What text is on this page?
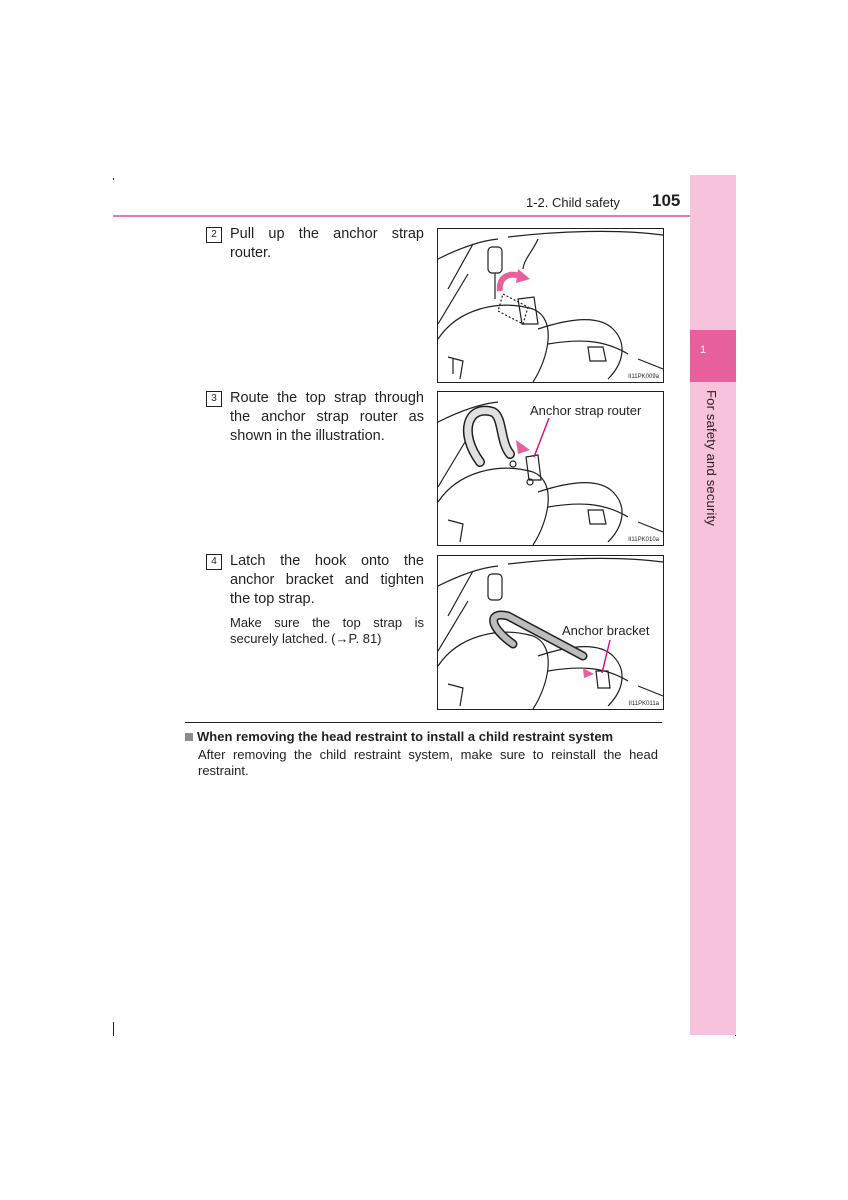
1-2. Child safety 105
1
For safety and security
2 Pull up the anchor strap router.
3 Route the top strap through the anchor strap router as shown in the illustration.
4 Latch the hook onto the anchor bracket and tighten the top strap.
Make sure the top strap is securely latched. (→P. 81)
II11PK009a
Anchor strap router
II11PK010a
Anchor bracket
II11PK011a
When removing the head restraint to install a child restraint system
After removing the child restraint system, make sure to reinstall the head restraint.
